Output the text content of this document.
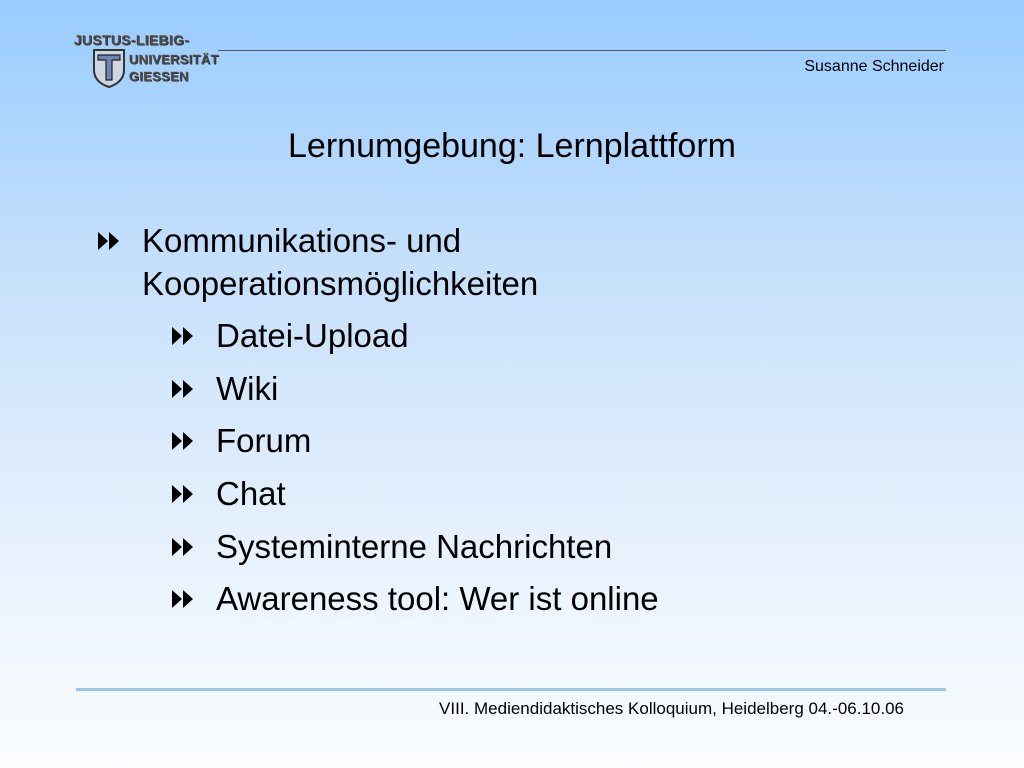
JUSTUS-LIEBIG-
UNIVERSITÄT
GIESSEN
Susanne Schneider
Lernumgebung: Lernplattform
Kommunikations- und
Kooperationsmöglichkeiten
Datei-Upload
Wiki
Forum
Chat
Systeminterne Nachrichten
Awareness tool: Wer ist online
VIII. Mediendidaktisches Kolloquium, Heidelberg 04.-06.10.06
